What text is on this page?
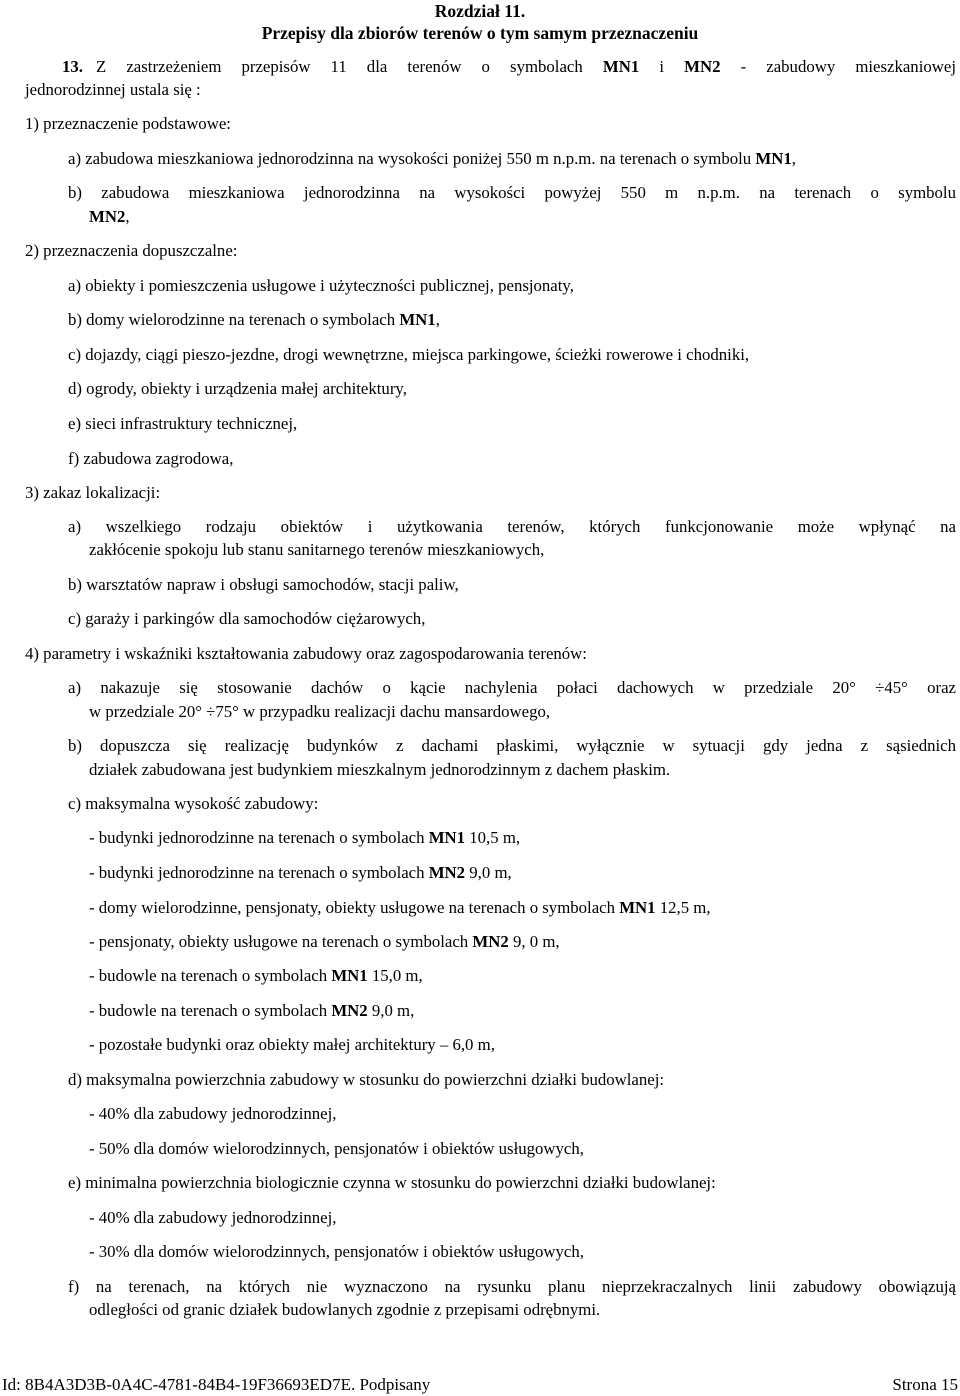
Rozdział 11.
Przepisy dla zbiorów terenów o tym samym przeznaczeniu
13. Z zastrzeżeniem przepisów 11 dla terenów o symbolach MN1 i MN2 - zabudowy mieszkaniowej
jednorodzinnej ustala się :
1) przeznaczenie podstawowe:
a) zabudowa mieszkaniowa jednorodzinna na wysokości poniżej 550 m n.p.m. na terenach o symbolu MN1,
b) zabudowa mieszkaniowa jednorodzinna na wysokości powyżej 550 m n.p.m. na terenach o symbolu
MN2,
2) przeznaczenia dopuszczalne:
a) obiekty i pomieszczenia usługowe i użyteczności publicznej, pensjonaty,
b) domy wielorodzinne na terenach o symbolach MN1,
c) dojazdy, ciągi pieszo-jezdne, drogi wewnętrzne, miejsca parkingowe, ścieżki rowerowe i chodniki,
d) ogrody, obiekty i urządzenia małej architektury,
e) sieci infrastruktury technicznej,
f) zabudowa zagrodowa,
3) zakaz lokalizacji:
a) wszelkiego rodzaju obiektów i użytkowania terenów, których funkcjonowanie może wpłynąć na
zakłócenie spokoju lub stanu sanitarnego terenów mieszkaniowych,
b) warsztatów napraw i obsługi samochodów, stacji paliw,
c) garaży i parkingów dla samochodów ciężarowych,
4) parametry i wskaźniki kształtowania zabudowy oraz zagospodarowania terenów:
a) nakazuje się stosowanie dachów o kącie nachylenia połaci dachowych w przedziale 20° ÷45° oraz
w przedziale 20° ÷75° w przypadku realizacji dachu mansardowego,
b) dopuszcza się realizację budynków z dachami płaskimi, wyłącznie w sytuacji gdy jedna z sąsiednich
działek zabudowana jest budynkiem mieszkalnym jednorodzinnym z dachem płaskim.
c) maksymalna wysokość zabudowy:
- budynki jednorodzinne na terenach o symbolach MN1 10,5 m,
- budynki jednorodzinne na terenach o symbolach MN2 9,0 m,
- domy wielorodzinne, pensjonaty, obiekty usługowe na terenach o symbolach MN1 12,5 m,
- pensjonaty, obiekty usługowe na terenach o symbolach MN2 9, 0 m,
- budowle na terenach o symbolach MN1 15,0 m,
- budowle na terenach o symbolach MN2 9,0 m,
- pozostałe budynki oraz obiekty małej architektury – 6,0 m,
d) maksymalna powierzchnia zabudowy w stosunku do powierzchni działki budowlanej:
- 40% dla zabudowy jednorodzinnej,
- 50% dla domów wielorodzinnych, pensjonatów i obiektów usługowych,
e) minimalna powierzchnia biologicznie czynna w stosunku do powierzchni działki budowlanej:
- 40% dla zabudowy jednorodzinnej,
- 30% dla domów wielorodzinnych, pensjonatów i obiektów usługowych,
f) na terenach, na których nie wyznaczono na rysunku planu nieprzekraczalnych linii zabudowy obowiązują
odległości od granic działek budowlanych zgodnie z przepisami odrębnymi.
Id: 8B4A3D3B-0A4C-4781-84B4-19F36693ED7E. Podpisany	Strona 15
